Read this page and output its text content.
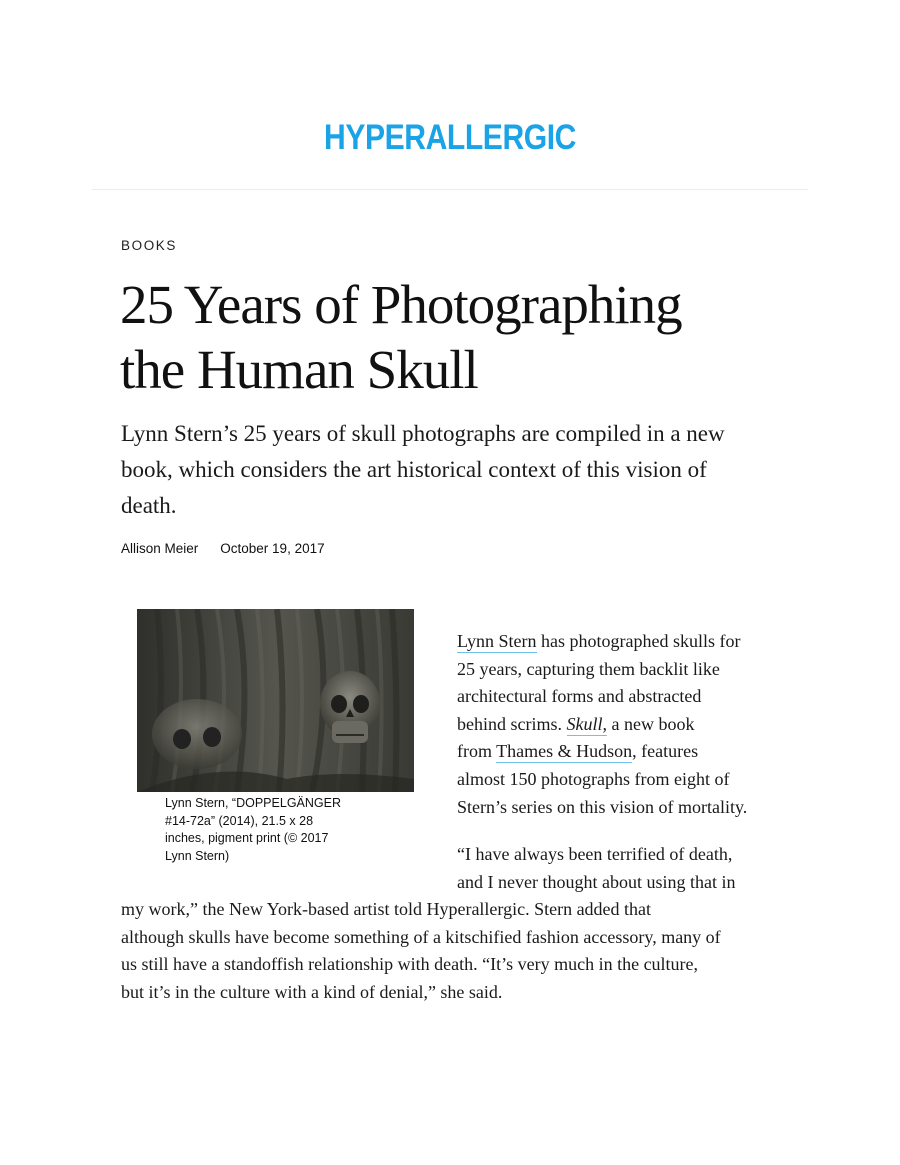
HYPERALLERGIC
BOOKS
25 Years of Photographing
the Human Skull

Lynn Stern’s 25 years of skull photographs are compiled in a new
book, which considers the art historical context of this vision of
death.

Allison Meier October 19, 2017
Lynn Stern, “DOPPELGÄNGER
#14-72a” (2014), 21.5 x 28
inches, pigment print (© 2017
Lynn Stern)

Lynn Stern has photographed skulls for
25 years, capturing them backlit like
architectural forms and abstracted
behind scrims. Skull, a new book
from Thames & Hudson, features
almost 150 photographs from eight of
Stern’s series on this vision of mortality.

“I have always been terrified of death,
and I never thought about using that in

my work,” the New York-based artist told Hyperallergic. Stern added that
although skulls have become something of a kitschified fashion accessory, many of
us still have a standoffish relationship with death. “It’s very much in the culture,
but it’s in the culture with a kind of denial,” she said.
